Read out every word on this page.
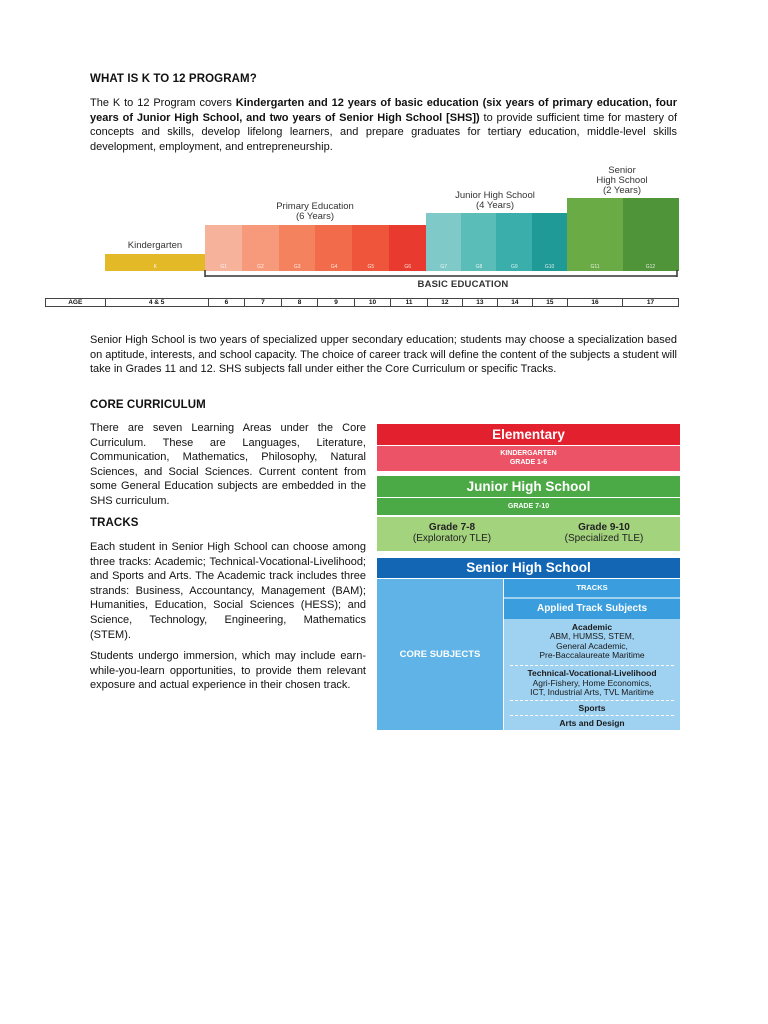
WHAT IS K TO 12 PROGRAM?
The K to 12 Program covers Kindergarten and 12 years of basic education (six years of primary education, four years of Junior High School, and two years of Senior High School [SHS]) to provide sufficient time for mastery of concepts and skills, develop lifelong learners, and prepare graduates for tertiary education, middle-level skills development, employment, and entrepreneurship.
K	G1	G2	G3	G4	G5	G6	G7	G8	G9	G10	G11	G12
Kindergarten
Primary Education
(6 Years)
Junior High School
(4 Years)
Senior
High School
(2 Years)
BASIC EDUCATION
AGE	4 & 5	6	7	8	9	10	11	12	13	14	15	16	17
Senior High School is two years of specialized upper secondary education; students may choose a specialization based on aptitude, interests, and school capacity. The choice of career track will define the content of the subjects a student will take in Grades 11 and 12. SHS subjects fall under either the Core Curriculum or specific Tracks.
CORE CURRICULUM
There are seven Learning Areas under the Core Curriculum. These are Languages, Literature, Communication, Mathematics, Philosophy, Natural Sciences, and Social Sciences. Current content from some General Education subjects are embedded in the SHS curriculum.
TRACKS
Each student in Senior High School can choose among three tracks: Academic; Technical-Vocational-Livelihood; and Sports and Arts. The Academic track includes three strands: Business, Accountancy, Management (BAM); Humanities, Education, Social Sciences (HESS); and Science, Technology, Engineering, Mathematics (STEM).
Students undergo immersion, which may include earn-while-you-learn opportunities, to provide them relevant exposure and actual experience in their chosen track.
Elementary
KINDERGARTEN
GRADE 1-6
Junior High School
GRADE 7-10
Grade 7-8
(Exploratory TLE)
Grade 9-10
(Specialized TLE)
Senior High School
CORE SUBJECTS
TRACKS
Applied Track Subjects
Academic
ABM, HUMSS, STEM,
General Academic,
Pre-Baccalaureate Maritime
Technical-Vocational-Livelihood
Agri-Fishery, Home Economics,
ICT, Industrial Arts, TVL Maritime
Sports
Arts and Design
